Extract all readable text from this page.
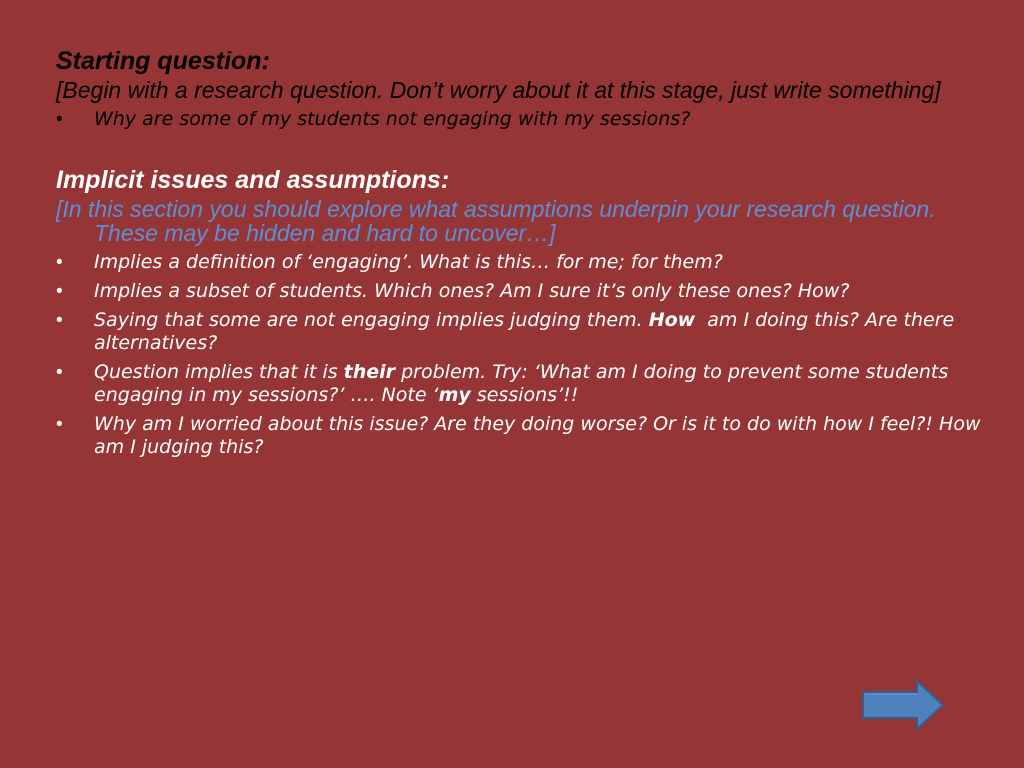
Starting question:

[Begin with a research question. Don’t worry about it at this stage, just write something]

• Why are some of my students not engaging with my sessions?

Implicit issues and assumptions:

[In this section you should explore what assumptions underpin your research question. These may be hidden and hard to uncover…]

• Implies a definition of ‘engaging’. What is this… for me; for them?
• Implies a subset of students. Which ones? Am I sure it’s only these ones? How?
• Saying that some are not engaging implies judging them. How  am I doing this? Are there alternatives?
• Question implies that it is their problem. Try: ‘What am I doing to prevent some students engaging in my sessions?’ …. Note ‘my sessions’!!
• Why am I worried about this issue? Are they doing worse? Or is it to do with how I feel?! How am I judging this?
